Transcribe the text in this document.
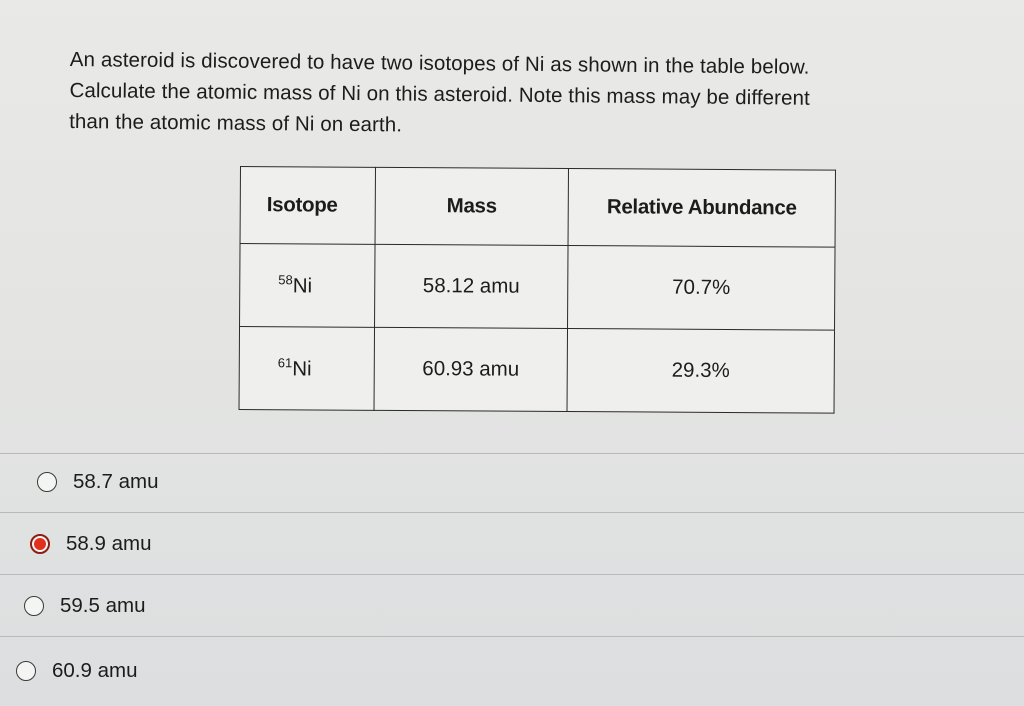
An asteroid is discovered to have two isotopes of Ni as shown in the table below.
Calculate the atomic mass of Ni on this asteroid. Note this mass may be different
than the atomic mass of Ni on earth.
Isotope	Mass	Relative Abundance
$^{58}$Ni	58.12 amu	70.7%
$^{61}$Ni	60.93 amu	29.3%
58.7 amu
58.9 amu
59.5 amu
60.9 amu
